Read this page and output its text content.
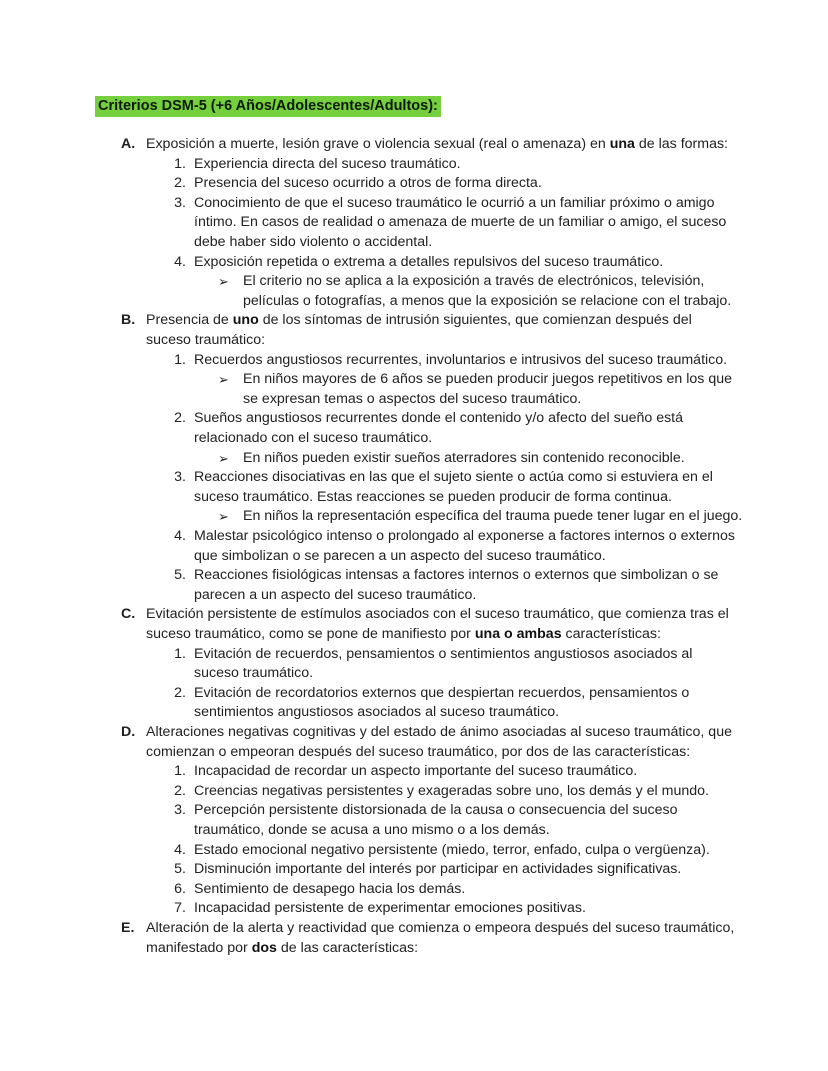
Criterios DSM-5 (+6 Años/Adolescentes/Adultos):
A. Exposición a muerte, lesión grave o violencia sexual (real o amenaza) en una de las formas:
1. Experiencia directa del suceso traumático.
2. Presencia del suceso ocurrido a otros de forma directa.
3. Conocimiento de que el suceso traumático le ocurrió a un familiar próximo o amigo
íntimo. En casos de realidad o amenaza de muerte de un familiar o amigo, el suceso
debe haber sido violento o accidental.
4. Exposición repetida o extrema a detalles repulsivos del suceso traumático.
➢ El criterio no se aplica a la exposición a través de electrónicos, televisión,
películas o fotografías, a menos que la exposición se relacione con el trabajo.
B. Presencia de uno de los síntomas de intrusión siguientes, que comienzan después del
suceso traumático:
1. Recuerdos angustiosos recurrentes, involuntarios e intrusivos del suceso traumático.
➢ En niños mayores de 6 años se pueden producir juegos repetitivos en los que
se expresan temas o aspectos del suceso traumático.
2. Sueños angustiosos recurrentes donde el contenido y/o afecto del sueño está
relacionado con el suceso traumático.
➢ En niños pueden existir sueños aterradores sin contenido reconocible.
3. Reacciones disociativas en las que el sujeto siente o actúa como si estuviera en el
suceso traumático. Estas reacciones se pueden producir de forma continua.
➢ En niños la representación específica del trauma puede tener lugar en el juego.
4. Malestar psicológico intenso o prolongado al exponerse a factores internos o externos
que simbolizan o se parecen a un aspecto del suceso traumático.
5. Reacciones fisiológicas intensas a factores internos o externos que simbolizan o se
parecen a un aspecto del suceso traumático.
C. Evitación persistente de estímulos asociados con el suceso traumático, que comienza tras el
suceso traumático, como se pone de manifiesto por una o ambas características:
1. Evitación de recuerdos, pensamientos o sentimientos angustiosos asociados al
suceso traumático.
2. Evitación de recordatorios externos que despiertan recuerdos, pensamientos o
sentimientos angustiosos asociados al suceso traumático.
D. Alteraciones negativas cognitivas y del estado de ánimo asociadas al suceso traumático, que
comienzan o empeoran después del suceso traumático, por dos de las características:
1. Incapacidad de recordar un aspecto importante del suceso traumático.
2. Creencias negativas persistentes y exageradas sobre uno, los demás y el mundo.
3. Percepción persistente distorsionada de la causa o consecuencia del suceso
traumático, donde se acusa a uno mismo o a los demás.
4. Estado emocional negativo persistente (miedo, terror, enfado, culpa o vergüenza).
5. Disminución importante del interés por participar en actividades significativas.
6. Sentimiento de desapego hacia los demás.
7. Incapacidad persistente de experimentar emociones positivas.
E. Alteración de la alerta y reactividad que comienza o empeora después del suceso traumático,
manifestado por dos de las características:
